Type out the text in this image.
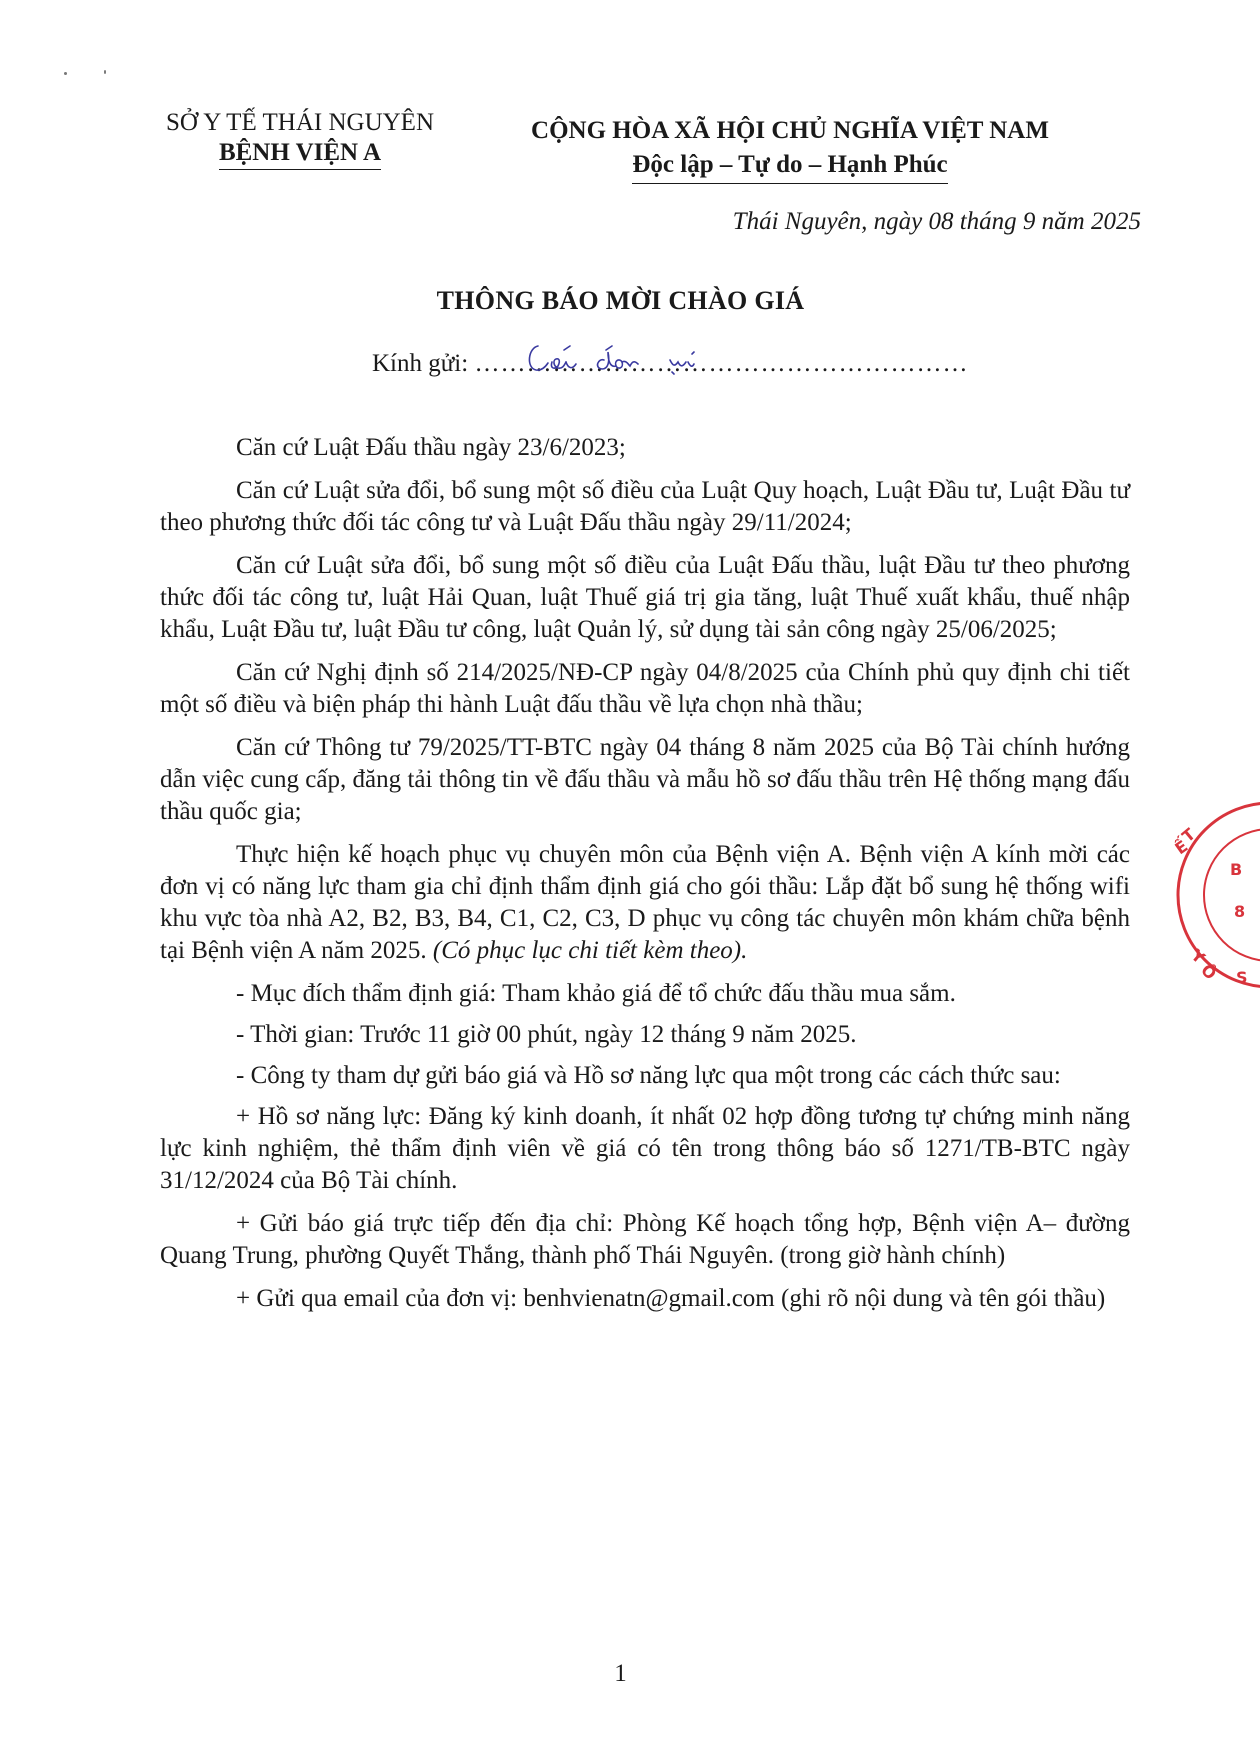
SỞ Y TẾ THÁI NGUYÊN
BỆNH VIỆN A
CỘNG HÒA XÃ HỘI CHỦ NGHĨA VIỆT NAM
Độc lập – Tự do – Hạnh Phúc
Thái Nguyên, ngày 08 tháng 9 năm 2025
THÔNG BÁO MỜI CHÀO GIÁ
Kính gửi: …………………………………………………

Căn cứ Luật Đấu thầu ngày 23/6/2023;

Căn cứ Luật sửa đổi, bổ sung một số điều của Luật Quy hoạch, Luật Đầu tư, Luật Đầu tư theo phương thức đối tác công tư và Luật Đấu thầu ngày 29/11/2024;

Căn cứ Luật sửa đổi, bổ sung một số điều của Luật Đấu thầu, luật Đầu tư theo phương thức đối tác công tư, luật Hải Quan, luật Thuế giá trị gia tăng, luật Thuế xuất khẩu, thuế nhập khẩu, Luật Đầu tư, luật Đầu tư công, luật Quản lý, sử dụng tài sản công ngày 25/06/2025;

Căn cứ Nghị định số 214/2025/NĐ-CP ngày 04/8/2025 của Chính phủ quy định chi tiết một số điều và biện pháp thi hành Luật đấu thầu về lựa chọn nhà thầu;

Căn cứ Thông tư 79/2025/TT-BTC ngày 04 tháng 8 năm 2025 của Bộ Tài chính hướng dẫn việc cung cấp, đăng tải thông tin về đấu thầu và mẫu hồ sơ đấu thầu trên Hệ thống mạng đấu thầu quốc gia;

Thực hiện kế hoạch phục vụ chuyên môn của Bệnh viện A. Bệnh viện A kính mời các đơn vị có năng lực tham gia chỉ định thẩm định giá cho gói thầu: Lắp đặt bổ sung hệ thống wifi khu vực tòa nhà A2, B2, B3, B4, C1, C2, C3, D phục vụ công tác chuyên môn khám chữa bệnh tại Bệnh viện A năm 2025. (Có phục lục chi tiết kèm theo).

- Mục đích thẩm định giá: Tham khảo giá để tổ chức đấu thầu mua sắm.

- Thời gian: Trước 11 giờ 00 phút, ngày 12 tháng 9 năm 2025.

- Công ty tham dự gửi báo giá và Hồ sơ năng lực qua một trong các cách thức sau:

+ Hồ sơ năng lực: Đăng ký kinh doanh, ít nhất 02 hợp đồng tương tự chứng minh năng lực kinh nghiệm, thẻ thẩm định viên về giá có tên trong thông báo số 1271/TB-BTC ngày 31/12/2024 của Bộ Tài chính.

+ Gửi báo giá trực tiếp đến địa chỉ: Phòng Kế hoạch tổng hợp, Bệnh viện A– đường Quang Trung, phường Quyết Thắng, thành phố Thái Nguyên. (trong giờ hành chính)

+ Gửi qua email của đơn vị: benhvienatn@gmail.com (ghi rõ nội dung và tên gói thầu)

1
T
Ế
B
8
Y
Ô S
